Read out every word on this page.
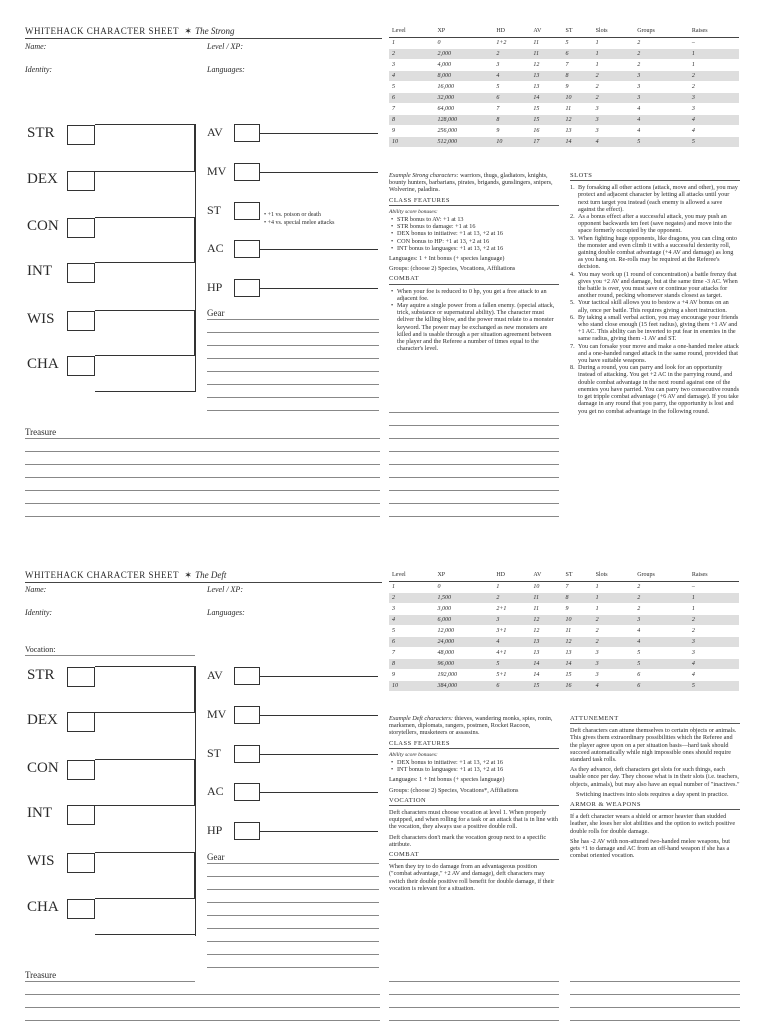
WHITEHACK CHARACTER SHEET ✶ The Strong
Name:	Level / XP:
Identity:	Languages:
STR
DEX
CON
INT
WIS
CHA
AV
MV
ST	• +1 vs. poison or death
• +4 vs. special melee attacks
AC
HP
Gear
Treasure
Level	XP	HD	AV	ST	Slots	Groups	Raises
1	0	1+2	11	5	1	2	–
2	2,000	2	11	6	1	2	1
3	4,000	3	12	7	1	2	1
4	8,000	4	13	8	2	3	2
5	16,000	5	13	9	2	3	2
6	32,000	6	14	10	2	3	3
7	64,000	7	15	11	3	4	3
8	128,000	8	15	12	3	4	4
9	256,000	9	16	13	3	4	4
10	512,000	10	17	14	4	5	5

Example Strong characters: warriors, thugs, gladiators, knights, bounty hunters, barbarians, pirates, brigands, gunslingers, snipers, Wolverine, paladins.

CLASS FEATURES
Ability score bonuses:
• STR bonus to AV: +1 at 13
• STR bonus to damage: +1 at 16
• DEX bonus to initiative: +1 at 13, +2 at 16
• CON bonus to HP: +1 at 13, +2 at 16
• INT bonus to languages: +1 at 13, +2 at 16

Languages: 1 + Int bonus (+ species language)

Groups: (choose 2) Species, Vocations, Affiliations

COMBAT
• When your foe is reduced to 0 hp, you get a free attack to an adjacent foe.
• May aquire a single power from a fallen enemy. (special attack, trick, substance or supernatural ability). The character must deliver the killing blow, and the power must relate to a monster keyword. The power may be exchanged as new monsters are killed and is usable through a per situation agreement between the player and the Referee a number of times equal to the character's level.
SLOTS
1. By forsaking all other actions (attack, move and other), you may protect and adjacent character by letting all attacks until your next turn target you instead (each enemy is allowed a save against the effect).
2. As a bonus effect after a successful attack, you may push an opponent backwards ten feet (save negates) and move into the space formerly occupied by the opponent.
3. When fighting huge opponents, like dragons, you can cling onto the monster and even climb it with a successful dexterity roll, gaining double combat advantage (+4 AV and damage) as long as you hang on. Re-rolls may be required at the Referee's decision.
4. You may work up (1 round of concentration) a battle frenzy that gives you +2 AV and damage, but at the same time -3 AC. When the battle is over, you must save or continue your attacks for another round, pecking whomever stands closest as target.
5. Your tactical skill allows you to bestow a +4 AV bonus on an ally, once per battle. This requires giving a short instruction.
6. By taking a small verbal action, you may encourage your friends who stand close enough (15 feet radius), giving them +1 AV and +1 AC. This ability can be inverted to put fear in enemies in the same radius, giving them -1 AV and ST.
7. You can forsake your move and make a one-handed melee attack and a one-handed ranged attack in the same round, provided that you have suitable weapons.
8. During a round, you can parry and look for an opportunity instead of attacking. You get +2 AC in the parrying round, and double combat advantage in the next round against one of the enemies you have parried. You can parry two consecutive rounds to get tripple combat advantage (+6 AV and damage). If you take damage in any round that you parry, the opportunity is lost and you get no combat advantage in the following round.
WHITEHACK CHARACTER SHEET ✶ The Deft
Name:	Level / XP:
Identity:	Languages:
Vocation:
STR
DEX
CON
INT
WIS
CHA
AV
MV
ST
AC
HP
Gear
Treasure
Level	XP	HD	AV	ST	Slots	Groups	Raises
1	0	1	10	7	1	2	–
2	1,500	2	11	8	1	2	1
3	3,000	2+1	11	9	1	2	1
4	6,000	3	12	10	2	3	2
5	12,000	3+1	12	11	2	4	2
6	24,000	4	13	12	2	4	3
7	48,000	4+1	13	13	3	5	3
8	96,000	5	14	14	3	5	4
9	192,000	5+1	14	15	3	6	4
10	384,000	6	15	16	4	6	5

Example Deft characters: thieves, wandering monks, spies, ronin, marksmen, diplomats, rangers, postmen, Rocket Racoon, storytellers, musketeers or assassins.

CLASS FEATURES
Ability score bonuses:
• DEX bonus to initiative: +1 at 13, +2 at 16
• INT bonus to languages: +1 at 13, +2 at 16

Languages: 1 + Int bonus (+ species language)

Groups: (choose 2) Species, Vocations*, Affiliations

VOCATION

Deft characters must choose vocation at level 1. When properly equipped, and when rolling for a task or an attack that is in line with the vocation, they always use a positive double roll.

Deft characters don't mark the vocation group next to a specific attribute.

COMBAT

When they try to do damage from an advantageous position ("combat advantage," +2 AV and damage), deft characters may switch their double positive roll benefit for double damage, if their vocation is relevant for a situation.

ATTUNEMENT

Deft characters can attune themselves to certain objects or animals. This gives them extraordinary possibilities which the Referee and the player agree upon on a per situation basis—hard task should succeed automatically while nigh impossible ones should require standard task rolls.

As they advance, deft characters get slots for such things, each usable once per day. They choose what is in their slots (i.e. teachers, objects, animals), but may also have an equal number of "inactives."

Switching inactives into slots requires a day spent in practice.

ARMOR & WEAPONS

If a deft character wears a shield or armor heavier than studded leather, she loses her slot abilities and the option to switch positive double rolls for double damage.

She has -2 AV with non-attuned two-handed melee weapons, but gets +1 to damage and AC from an off-hand weapon if she has a combat oriented vocation.
